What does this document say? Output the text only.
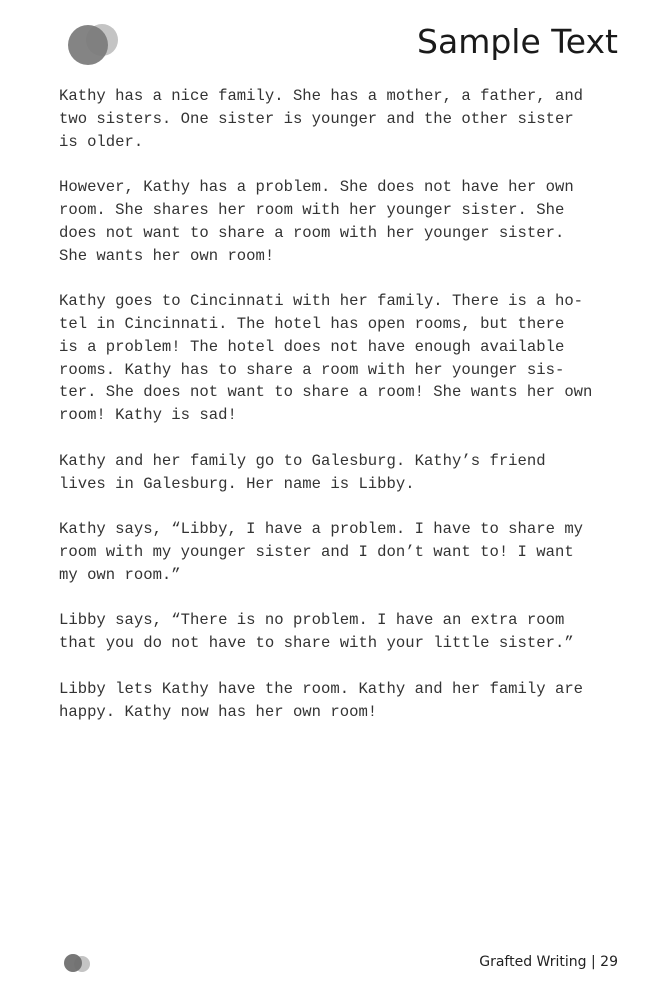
Sample Text

Kathy has a nice family. She has a mother, a father, and
two sisters. One sister is younger and the other sister
is older.

However, Kathy has a problem. She does not have her own
room. She shares her room with her younger sister. She
does not want to share a room with her younger sister.
She wants her own room!

Kathy goes to Cincinnati with her family. There is a ho-
tel in Cincinnati. The hotel has open rooms, but there
is a problem! The hotel does not have enough available
rooms. Kathy has to share a room with her younger sis-
ter. She does not want to share a room! She wants her own
room! Kathy is sad!

Kathy and her family go to Galesburg. Kathy’s friend
lives in Galesburg. Her name is Libby.

Kathy says, “Libby, I have a problem. I have to share my
room with my younger sister and I don’t want to! I want
my own room.”

Libby says, “There is no problem. I have an extra room
that you do not have to share with your little sister.”

Libby lets Kathy have the room. Kathy and her family are
happy. Kathy now has her own room!

Grafted Writing | 29
